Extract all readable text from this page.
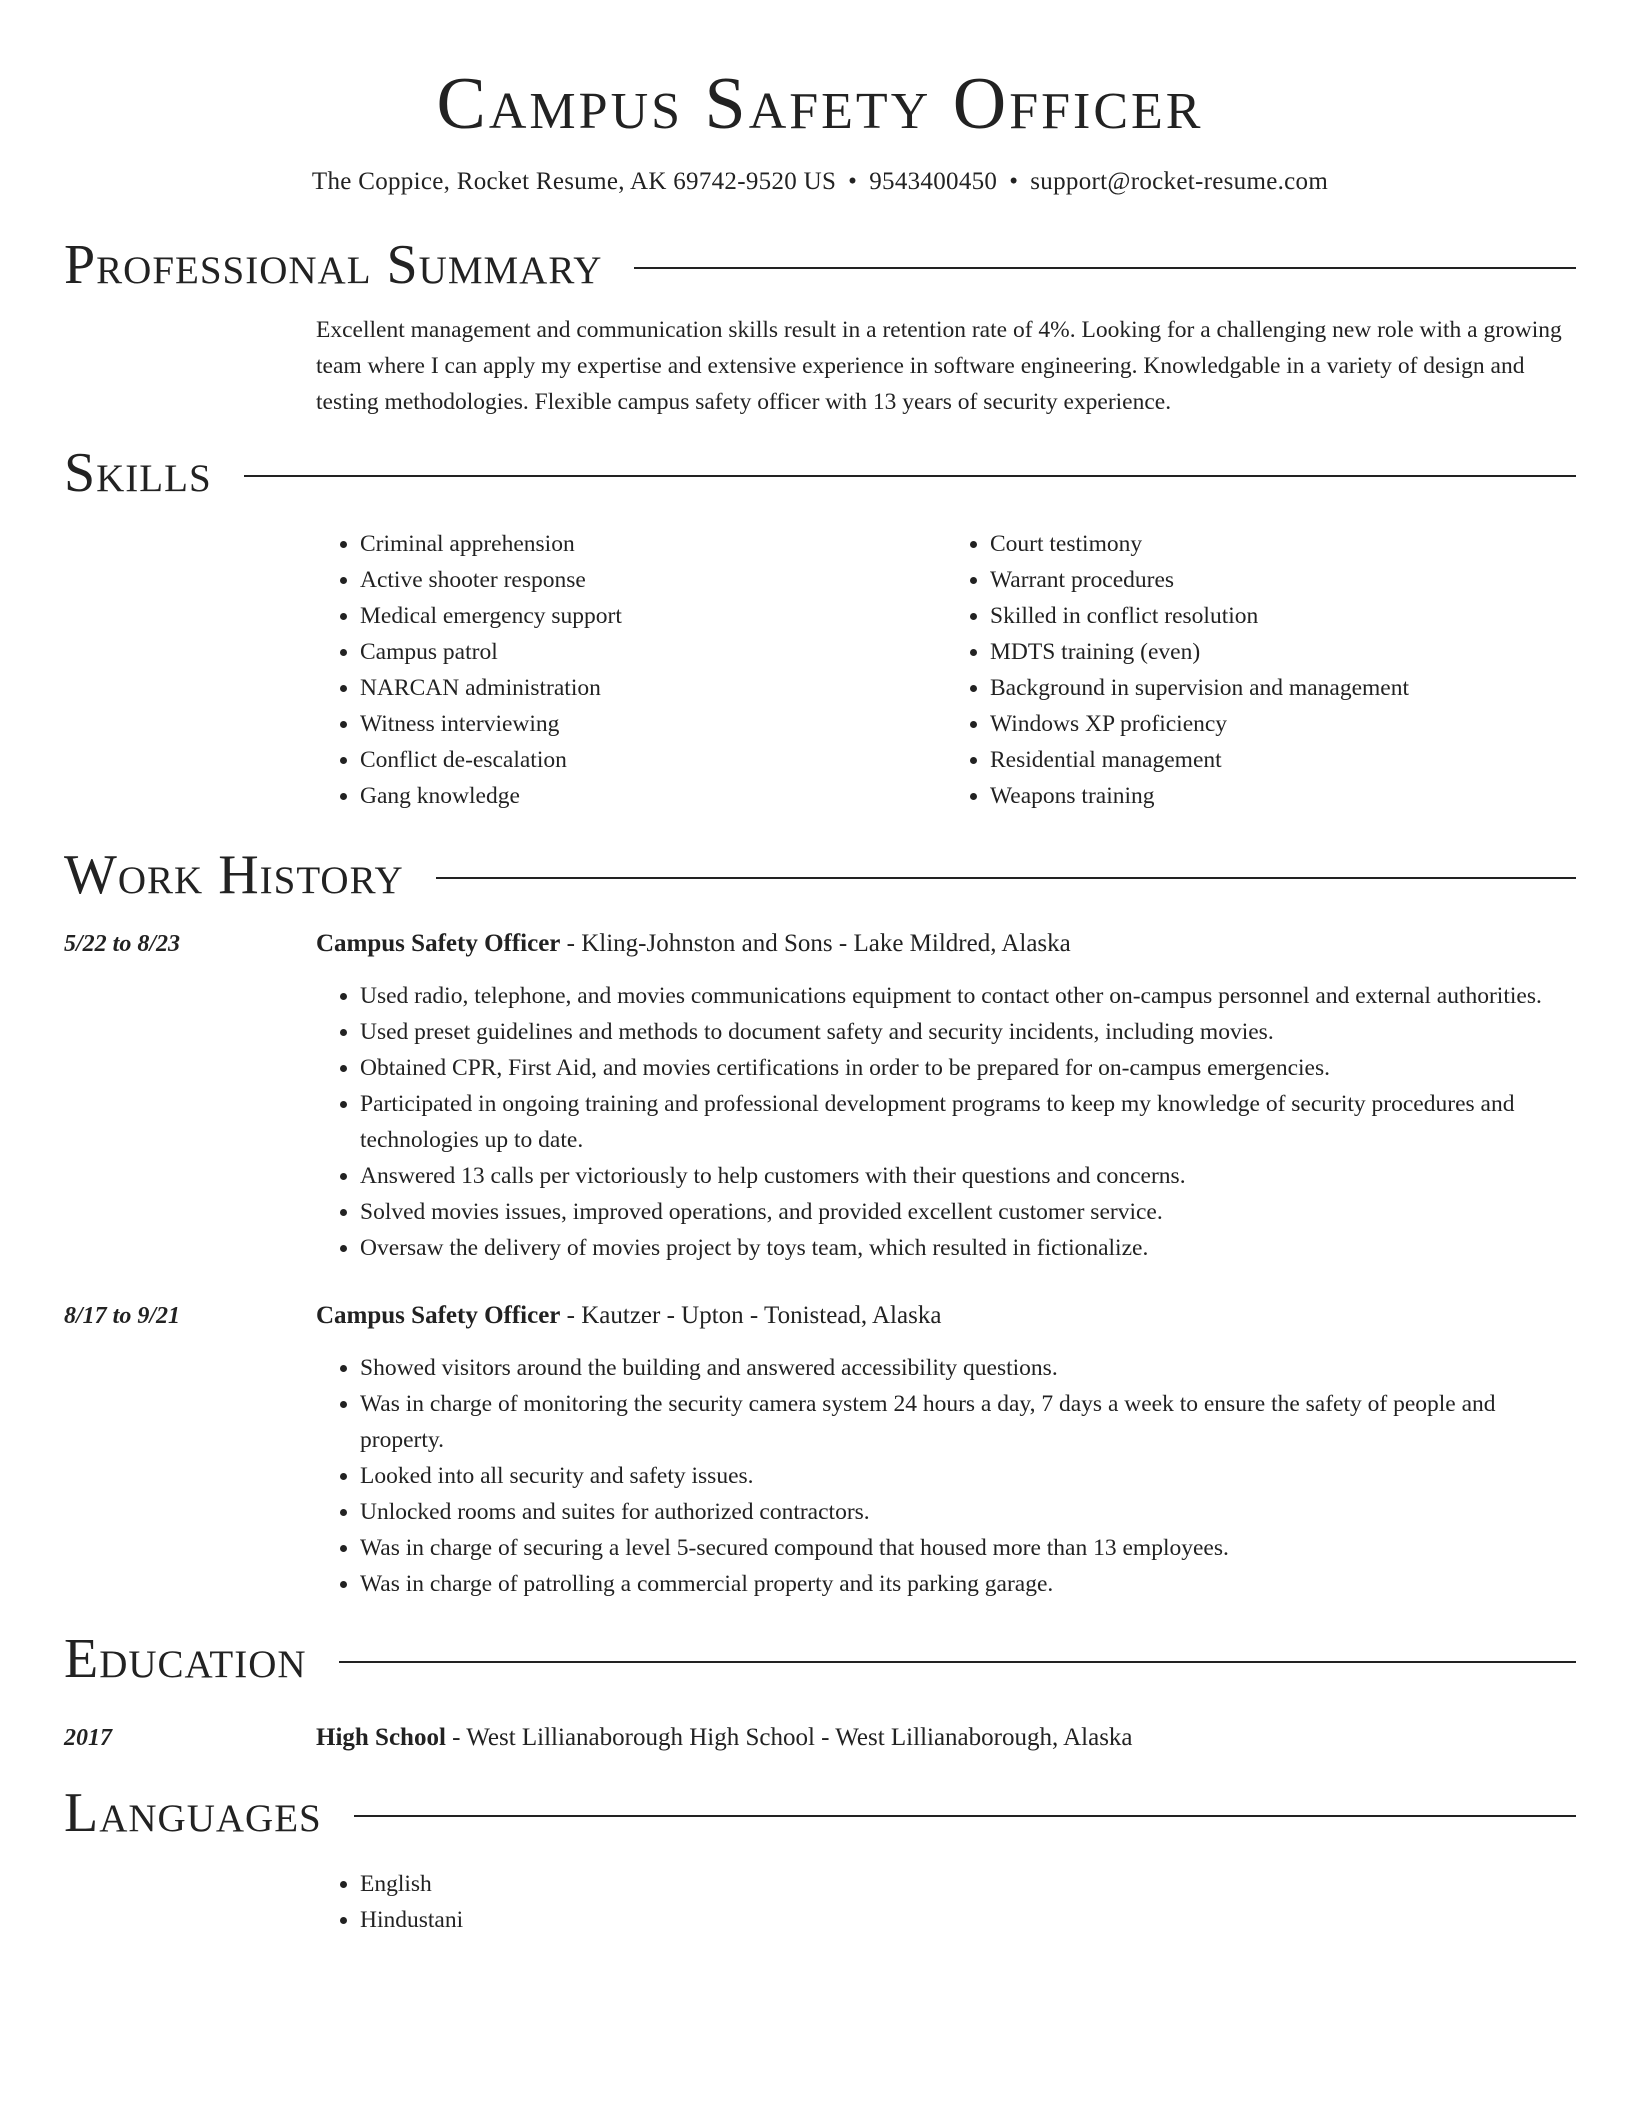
Campus Safety Officer
The Coppice, Rocket Resume, AK 69742-9520 US • 9543400450 • support@rocket-resume.com
Professional Summary

Excellent management and communication skills result in a retention rate of 4%. Looking for a challenging new role with a growing team where I can apply my expertise and extensive experience in software engineering. Knowledgable in a variety of design and testing methodologies. Flexible campus safety officer with 13 years of security experience.

Skills
• Criminal apprehension
• Active shooter response
• Medical emergency support
• Campus patrol
• NARCAN administration
• Witness interviewing
• Conflict de-escalation
• Gang knowledge
• Court testimony
• Warrant procedures
• Skilled in conflict resolution
• MDTS training (even)
• Background in supervision and management
• Windows XP proficiency
• Residential management
• Weapons training
Work History
5/22 to 8/23	Campus Safety Officer - Kling-Johnston and Sons - Lake Mildred, Alaska
• Used radio, telephone, and movies communications equipment to contact other on-campus personnel and external authorities.
• Used preset guidelines and methods to document safety and security incidents, including movies.
• Obtained CPR, First Aid, and movies certifications in order to be prepared for on-campus emergencies.
• Participated in ongoing training and professional development programs to keep my knowledge of security procedures and technologies up to date.
• Answered 13 calls per victoriously to help customers with their questions and concerns.
• Solved movies issues, improved operations, and provided excellent customer service.
• Oversaw the delivery of movies project by toys team, which resulted in fictionalize.
8/17 to 9/21	Campus Safety Officer - Kautzer - Upton - Tonistead, Alaska
• Showed visitors around the building and answered accessibility questions.
• Was in charge of monitoring the security camera system 24 hours a day, 7 days a week to ensure the safety of people and property.
• Looked into all security and safety issues.
• Unlocked rooms and suites for authorized contractors.
• Was in charge of securing a level 5-secured compound that housed more than 13 employees.
• Was in charge of patrolling a commercial property and its parking garage.
Education
2017	High School - West Lillianaborough High School - West Lillianaborough, Alaska
Languages
• English
• Hindustani
